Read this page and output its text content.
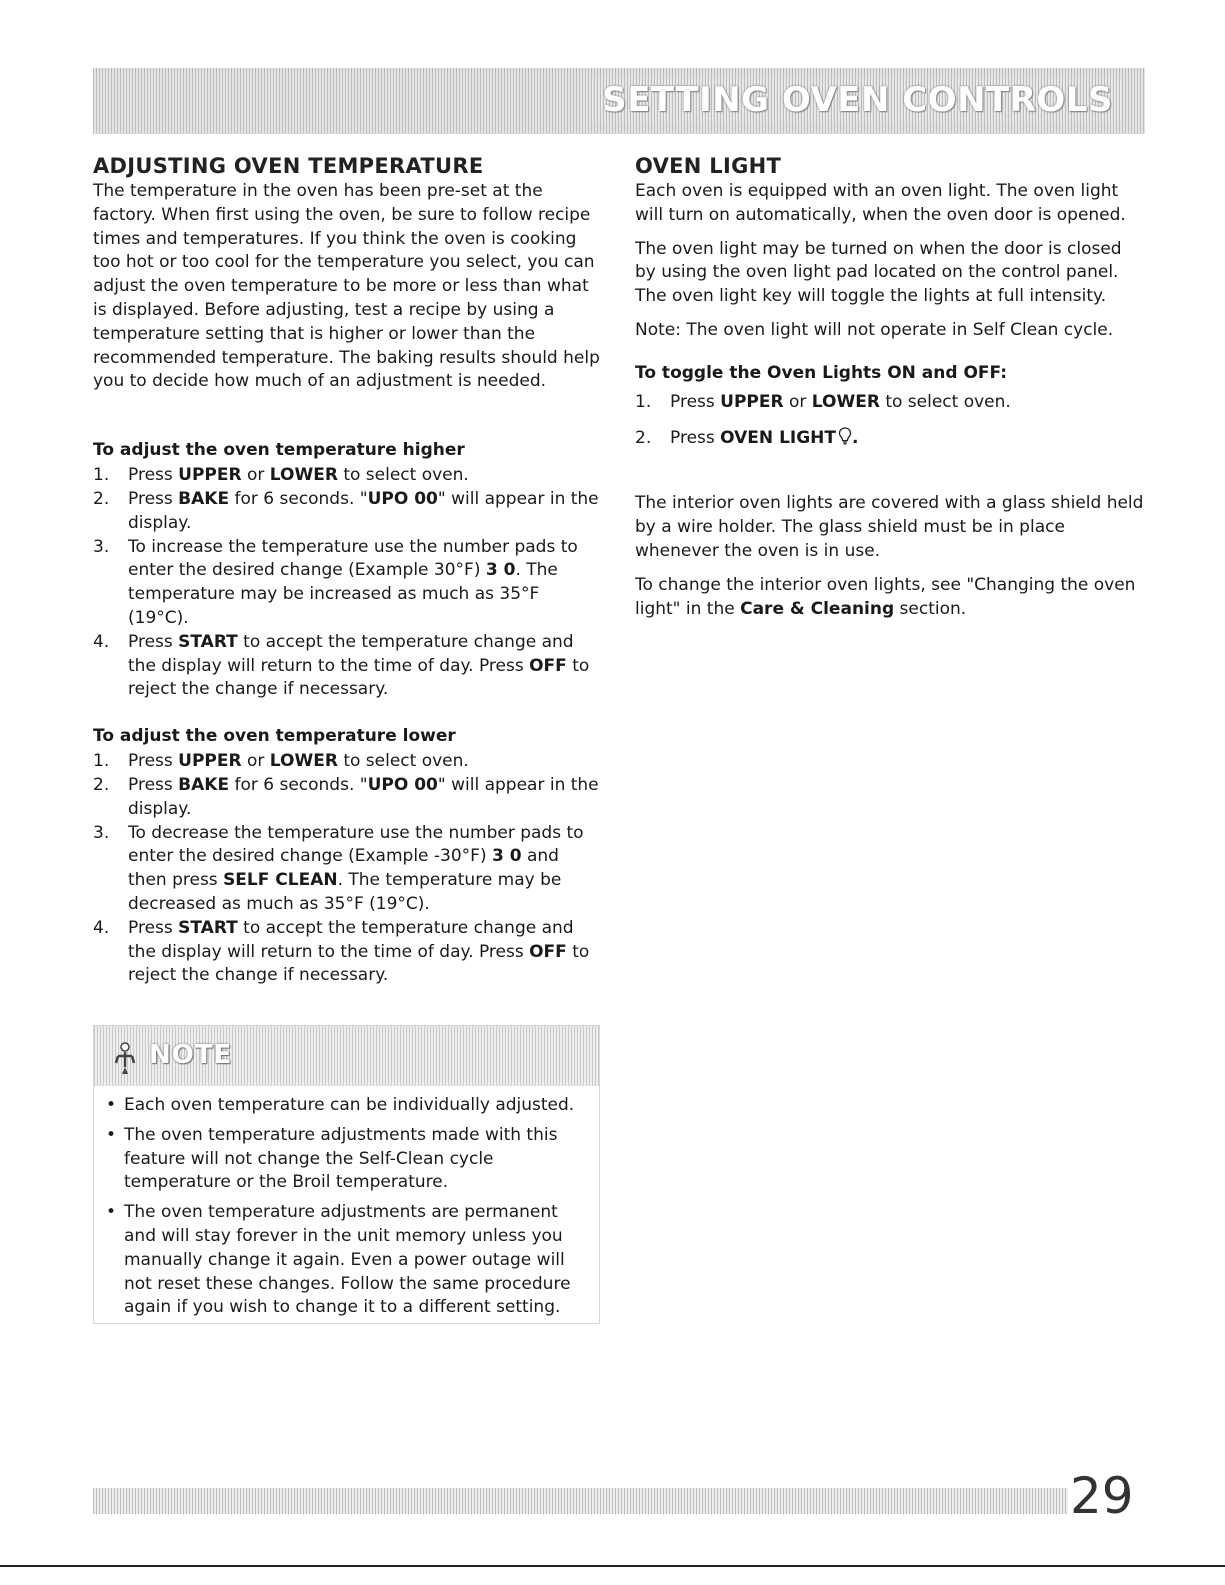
SETTING OVEN CONTROLS
ADJUSTING OVEN TEMPERATURE

The temperature in the oven has been pre-set at the factory. When first using the oven, be sure to follow recipe times and temperatures. If you think the oven is cooking too hot or too cool for the temperature you select, you can adjust the oven temperature to be more or less than what is displayed. Before adjusting, test a recipe by using a temperature setting that is higher or lower than the recommended temperature. The baking results should help you to decide how much of an adjustment is needed.

To adjust the oven temperature higher
1. Press UPPER or LOWER to select oven.
2. Press BAKE for 6 seconds. "UPO 00" will appear in the display.
3. To increase the temperature use the number pads to enter the desired change (Example 30°F) 3 0. The temperature may be increased as much as 35°F (19°C).
4. Press START to accept the temperature change and the display will return to the time of day. Press OFF to reject the change if necessary.
To adjust the oven temperature lower
1. Press UPPER or LOWER to select oven.
2. Press BAKE for 6 seconds. "UPO 00" will appear in the display.
3. To decrease the temperature use the number pads to enter the desired change (Example -30°F) 3 0 and then press SELF CLEAN. The temperature may be decreased as much as 35°F (19°C).
4. Press START to accept the temperature change and the display will return to the time of day. Press OFF to reject the change if necessary.
NOTE
• Each oven temperature can be individually adjusted.
• The oven temperature adjustments made with this feature will not change the Self-Clean cycle temperature or the Broil temperature.
• The oven temperature adjustments are permanent and will stay forever in the unit memory unless you manually change it again. Even a power outage will not reset these changes. Follow the same procedure again if you wish to change it to a different setting.
OVEN LIGHT

Each oven is equipped with an oven light. The oven light will turn on automatically, when the oven door is opened.

The oven light may be turned on when the door is closed by using the oven light pad located on the control panel. The oven light key will toggle the lights at full intensity.

Note: The oven light will not operate in Self Clean cycle.

To toggle the Oven Lights ON and OFF:
1. Press UPPER or LOWER to select oven.
2. Press OVEN LIGHT .

The interior oven lights are covered with a glass shield held by a wire holder. The glass shield must be in place whenever the oven is in use.

To change the interior oven lights, see "Changing the oven light" in the Care & Cleaning section.

29
